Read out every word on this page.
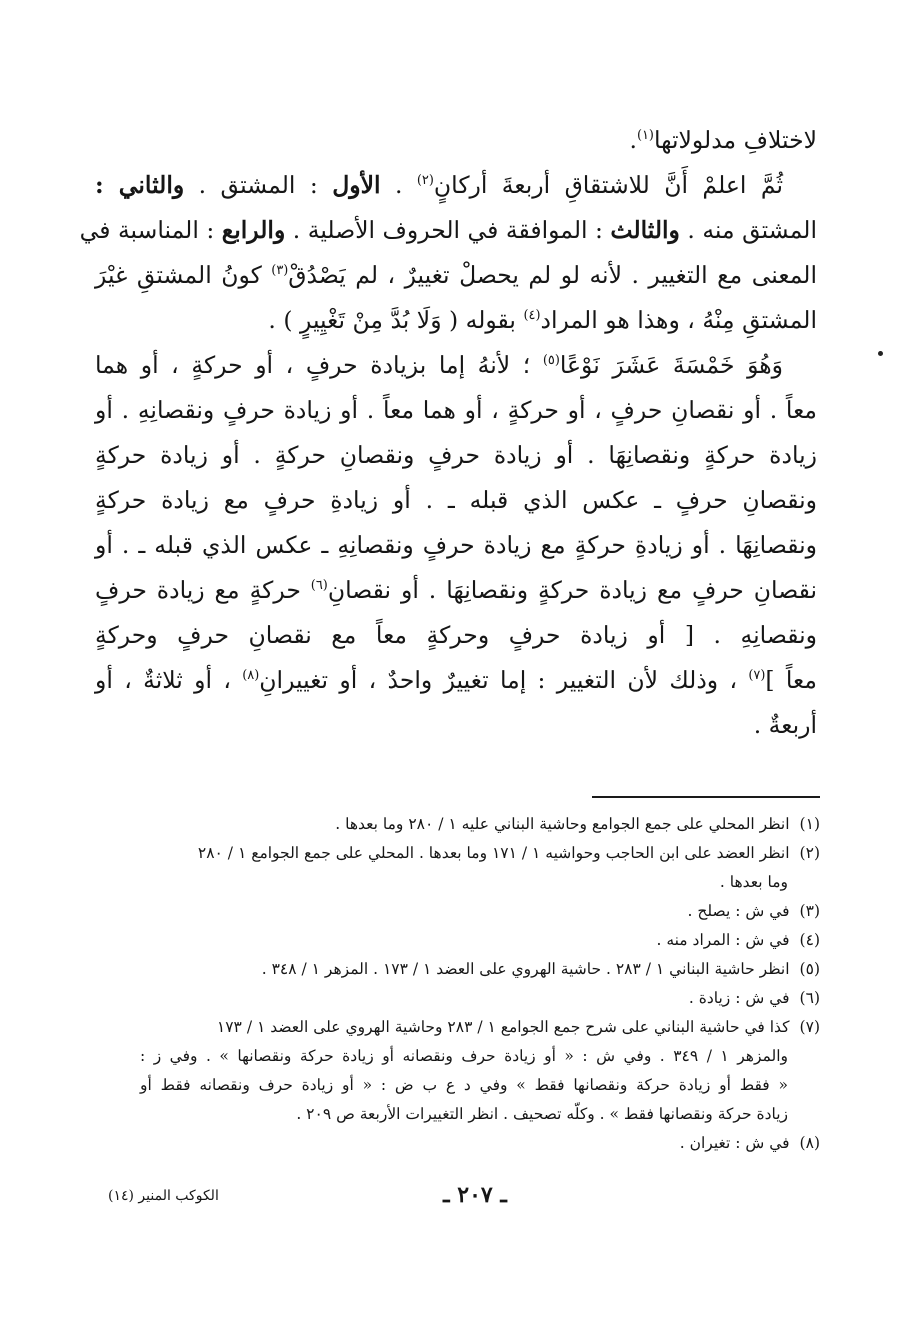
لاختلافِ مدلولاتها$^{(١)}$.
ثُمَّ اعلمْ أَنَّ للاشتقاقِ أربعةَ أركانٍ$^{(٢)}$ . الأول : المشتق . والثاني :
المشتق منه . والثالث : الموافقة في الحروف الأصلية . والرابع : المناسبة في
المعنى مع التغيير . لأنه لو لم يحصلْ تغييرٌ ، لم يَصْدُقْ$^{(٣)}$ كونُ المشتقِ غيْرَ
المشتقِ مِنْهُ ، وهذا هو المراد$^{(٤)}$ بقوله ( وَلَا بُدَّ مِنْ تَغْيِيرٍ ) .
وَهُوَ خَمْسَةَ عَشَرَ نَوْعًا$^{(٥)}$ ؛ لأنهُ إما بزيادة حرفٍ ، أو حركةٍ ، أو هما
معاً . أو نقصانِ حرفٍ ، أو حركةٍ ، أو هما معاً . أو زيادة حرفٍ ونقصانِهِ . أو
زيادة حركةٍ ونقصانِهَا . أو زيادة حرفٍ ونقصانِ حركةٍ . أو زيادة حركةٍ
ونقصانِ حرفٍ ـ عكس الذي قبله ـ . أو زيادةِ حرفٍ مع زيادة حركةٍ
ونقصانِهَا . أو زيادةِ حركةٍ مع زيادة حرفٍ ونقصانِهِ ـ عكس الذي قبله ـ . أو
نقصانِ حرفٍ مع زيادة حركةٍ ونقصانِهَا . أو نقصانِ$^{(٦)}$ حركةٍ مع زيادة حرفٍ
ونقصانِهِ . [ أو زيادة حرفٍ وحركةٍ معاً مع نقصانِ حرفٍ وحركةٍ
معاً ]$^{(٧)}$ ، وذلك لأن التغيير : إما تغييرٌ واحدٌ ، أو تغييرانِ$^{(٨)}$ ، أو ثلاثةٌ ، أو
أربعةٌ .
(١)انظر المحلي على جمع الجوامع وحاشية البناني عليه ١ / ٢٨٠ وما بعدها .
(٢)انظر العضد على ابن الحاجب وحواشيه ١ / ١٧١ وما بعدها . المحلي على جمع الجوامع ١ / ٢٨٠
وما بعدها .
(٣)في ش : يصلح .
(٤)في ش : المراد منه .
(٥)انظر حاشية البناني ١ / ٢٨٣ . حاشية الهروي على العضد ١ / ١٧٣ . المزهر ١ / ٣٤٨ .
(٦)في ش : زيادة .
(٧)كذا في حاشية البناني على شرح جمع الجوامع ١ / ٢٨٣ وحاشية الهروي على العضد ١ / ١٧٣
والمزهر ١ / ٣٤٩ . وفي ش : « أو زيادة حرف ونقصانه أو زيادة حركة ونقصانها » . وفي ز :
« فقط أو زيادة حركة ونقصانها فقط » وفي د ع ب ض : « أو زيادة حرف ونقصانه فقط أو
زيادة حركة ونقصانها فقط » . وكلّه تصحيف . انظر التغييرات الأربعة ص ٢٠٩ .
(٨)في ش : تغيران .
ـ ٢٠٧ ـ
الكوكب المنير (١٤)
